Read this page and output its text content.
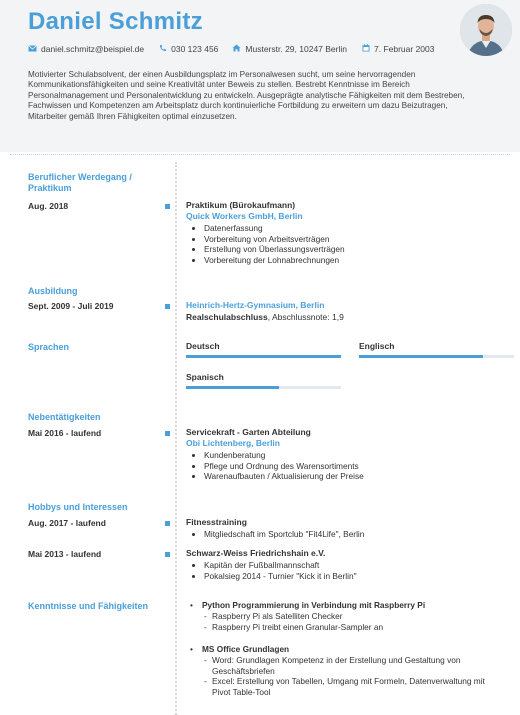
Daniel Schmitz
daniel.schmitz@beispiel.de	030 123 456	Musterstr. 29, 10247 Berlin	7. Februar 2003
Motivierter Schulabsolvent, der einen Ausbildungsplatz im Personalwesen sucht, um seine hervorragenden Kommunikationsfähigkeiten und seine Kreativität unter Beweis zu stellen. Bestrebt Kenntnisse im Bereich Personalmanagement und Personalentwicklung zu entwickeln. Ausgeprägte analytische Fähigkeiten mit dem Bestreben, Fachwissen und Kompetenzen am Arbeitsplatz durch kontinuierliche Fortbildung zu erweitern um dazu Beizutragen, Mitarbeiter gemäß Ihren Fähigkeiten optimal einzusetzen.
Beruflicher Werdegang / Praktikum
Aug. 2018	Praktikum (Bürokaufmann)
Quick Workers GmbH, Berlin
• Datenerfassung
• Vorbereitung von Arbeitsverträgen
• Erstellung von Überlassungsverträgen
• Vorbereitung der Lohnabrechnungen
Ausbildung
Sept. 2009 - Juli 2019	Heinrich-Hertz-Gymnasium, Berlin
Realschulabschluss, Abschlussnote: 1,9
Sprachen	Deutsch	Englisch
Spanisch
Nebentätigkeiten
Mai 2016 - laufend	Servicekraft - Garten Abteilung
Obi Lichtenberg, Berlin
• Kundenberatung
• Pflege und Ordnung des Warensortiments
• Warenaufbauten / Aktualisierung der Preise
Hobbys und Interessen
Aug. 2017 - laufend	Fitnesstraining
• Mitgliedschaft im Sportclub "Fit4Life", Berlin
Mai 2013 - laufend	Schwarz-Weiss Friedrichshain e.V.
• Kapitän der Fußballmannschaft
• Pokalsieg 2014 - Turnier "Kick it in Berlin"
Kenntnisse und Fähigkeiten	•	Python Programmierung in Verbindung mit Raspberry Pi
- Raspberry Pi als Satelliten Checker
- Raspberry Pi treibt einen Granular-Sampler an
•	MS Office Grundlagen
- Word: Grundlagen Kompetenz in der Erstellung und Gestaltung von Geschäftsbriefen
- Excel: Erstellung von Tabellen, Umgang mit Formeln, Datenverwaltung mit Pivot Table-Tool
